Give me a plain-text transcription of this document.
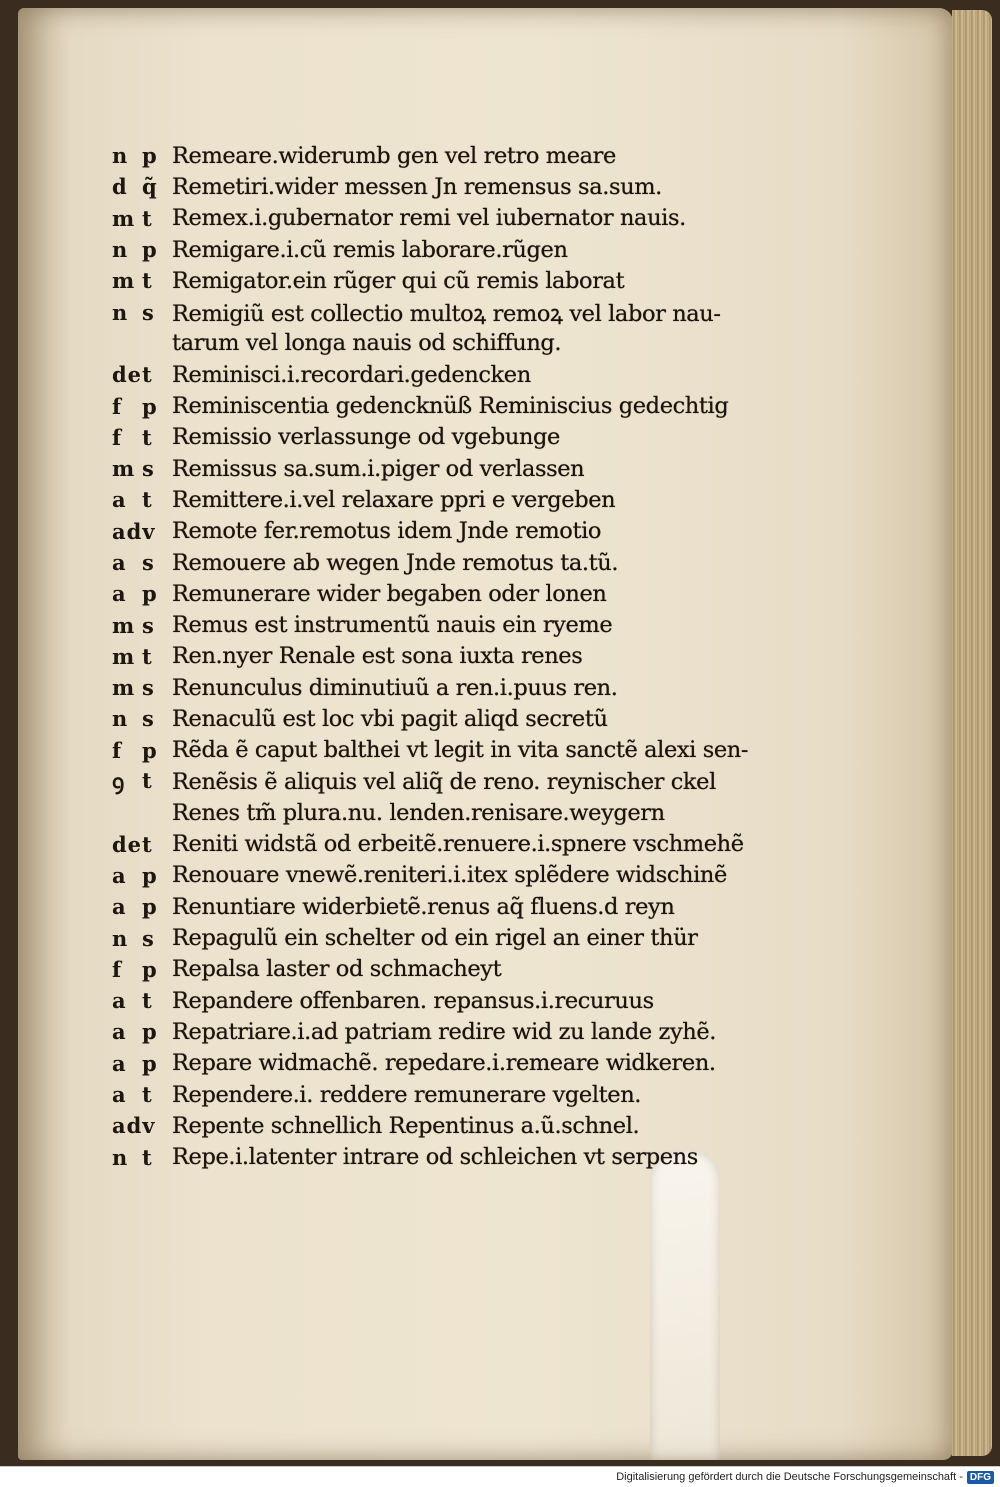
n p Remeare.widerumb gen vel retro meare
d q̃ Remetiri.wider messen Jn remensus sa.sum.
m t Remex.i.gubernator remi vel iubernator nauis.
n p Remigare.i.cũ remis laborare.rũgen
m t Remigator.ein rũger qui cũ remis laborat
n s Remigiũ est collectio multoꝝ remoꝝ vel labor nau-
tarum vel longa nauis od schiffung.
de t Reminisci.i.recordari.gedencken
f p Reminiscentia gedencknüß Reminiscius gedechtig
f t Remissio verlassunge od vgebunge
m s Remissus sa.sum.i.piger od verlassen
a t Remittere.i.vel relaxare ppri e vergeben
adv Remote fer.remotus idem Jnde remotio
a s Remouere ab wegen Jnde remotus ta.tũ.
a p Remunerare wider begaben oder lonen
m s Remus est instrumentũ nauis ein ryeme
m t Ren.nyer Renale est sona iuxta renes
m s Renunculus diminutiuũ a ren.i.puus ren.
n s Renaculũ est loc vbi pagit aliqd secretũ
f p Rẽda ẽ caput balthei vt legit in vita sanctẽ alexi sen-
ꝯ t Renẽsis ẽ aliquis vel aliq̃ de reno. reynischer ckel
Renes tm̃ plura.nu. lenden.renisare.weygern
de t Reniti widstã od erbeitẽ.renuere.i.spnere vschmehẽ
a p Renouare vnewẽ.reniteri.i.itex splẽdere widschinẽ
a p Renuntiare widerbietẽ.renus aq̃ fluens.d reyn
n s Repagulũ ein schelter od ein rigel an einer thür
f p Repalsa laster od schmacheyt
a t Repandere offenbaren. repansus.i.recuruus
a p Repatriare.i.ad patriam redire wid zu lande zyhẽ.
a p Repare widmachẽ. repedare.i.remeare widkeren.
a t Rependere.i. reddere remunerare vgelten.
adv Repente schnellich Repentinus a.ũ.schnel.
n t Repe.i.latenter intrare od schleichen vt serpens
Digitalisierung gefördert durch die Deutsche Forschungsgemeinschaft - DFG
